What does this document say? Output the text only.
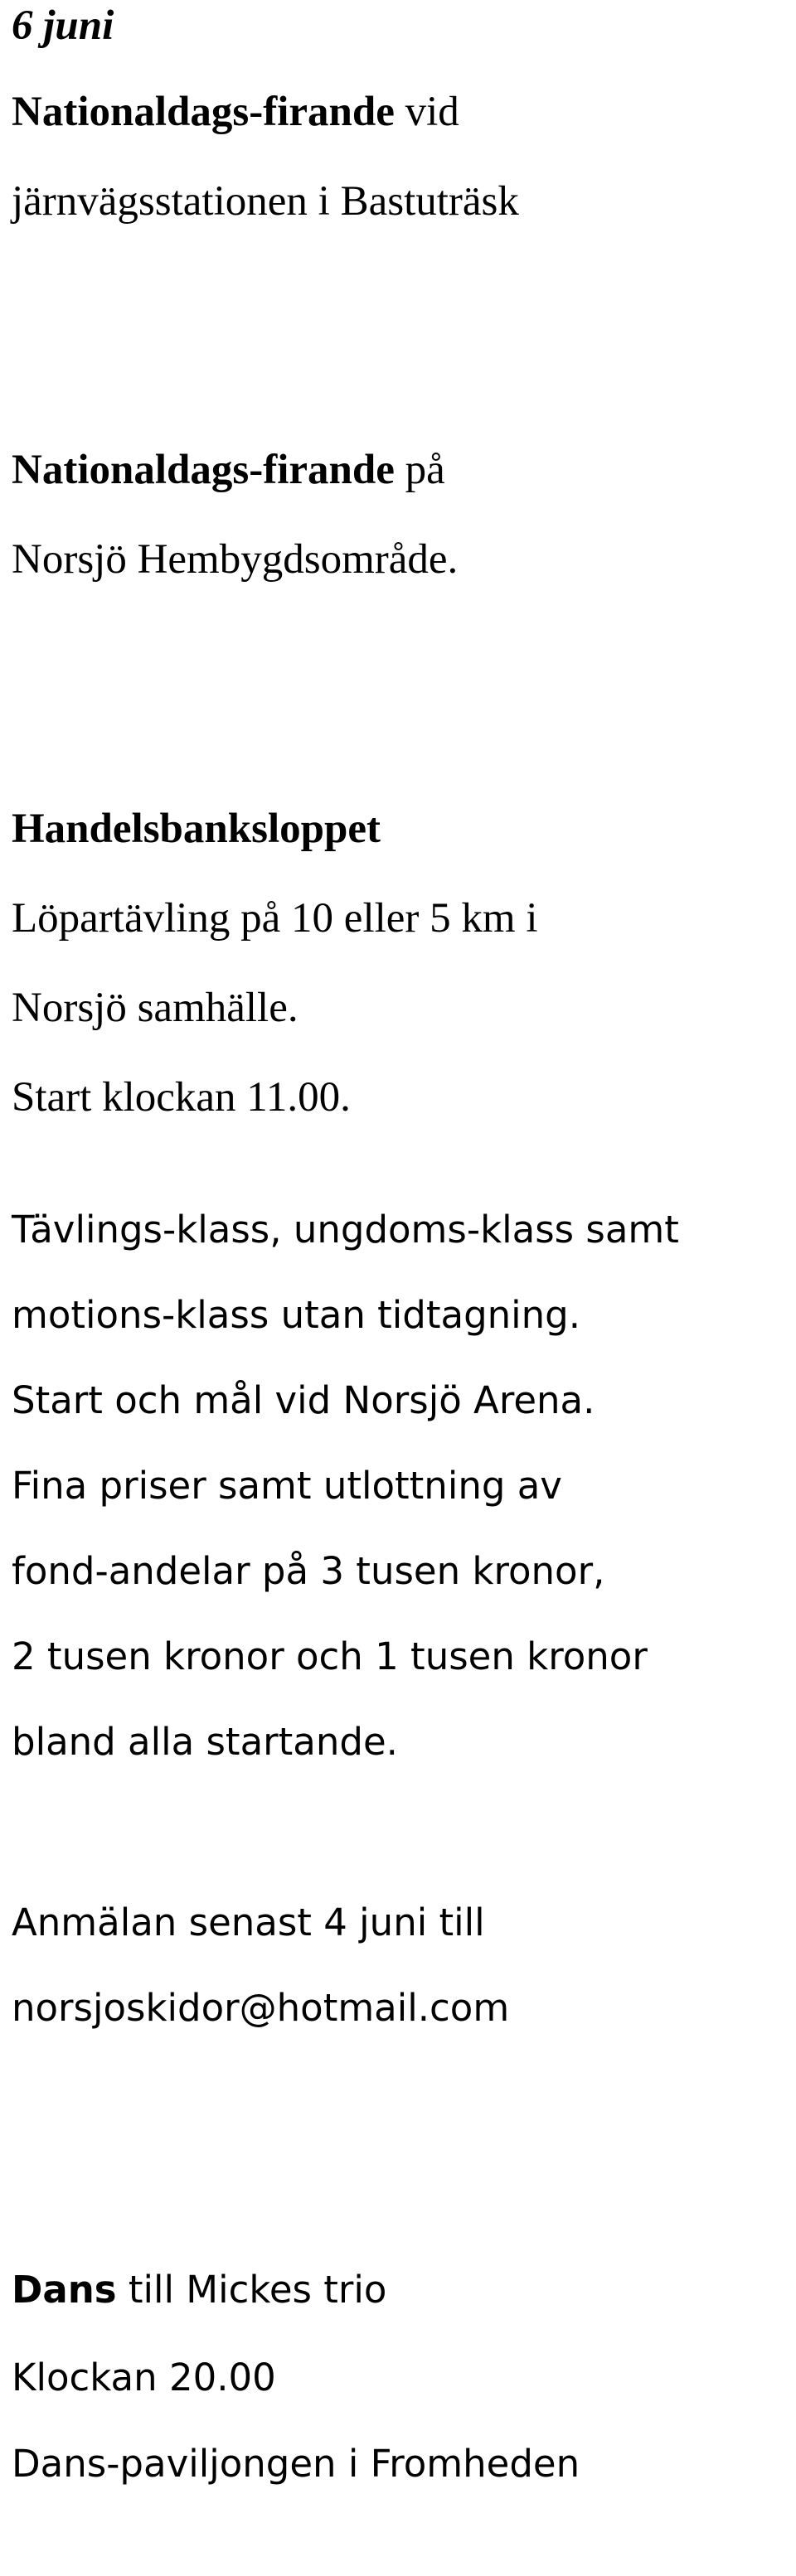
6 juni
Nationaldags-firande vid
järnvägsstationen i Bastuträsk
Nationaldags-firande på
Norsjö Hembygdsområde.
Handelsbanksloppet
Löpartävling på 10 eller 5 km i
Norsjö samhälle.
Start klockan 11.00.
Tävlings-klass, ungdoms-klass samt
motions-klass utan tidtagning.
Start och mål vid Norsjö Arena.
Fina priser samt utlottning av
fond-andelar på 3 tusen kronor,
2 tusen kronor och 1 tusen kronor
bland alla startande.
Anmälan senast 4 juni till
norsjoskidor@hotmail.com
Dans till Mickes trio
Klockan 20.00
Dans-paviljongen i Fromheden
